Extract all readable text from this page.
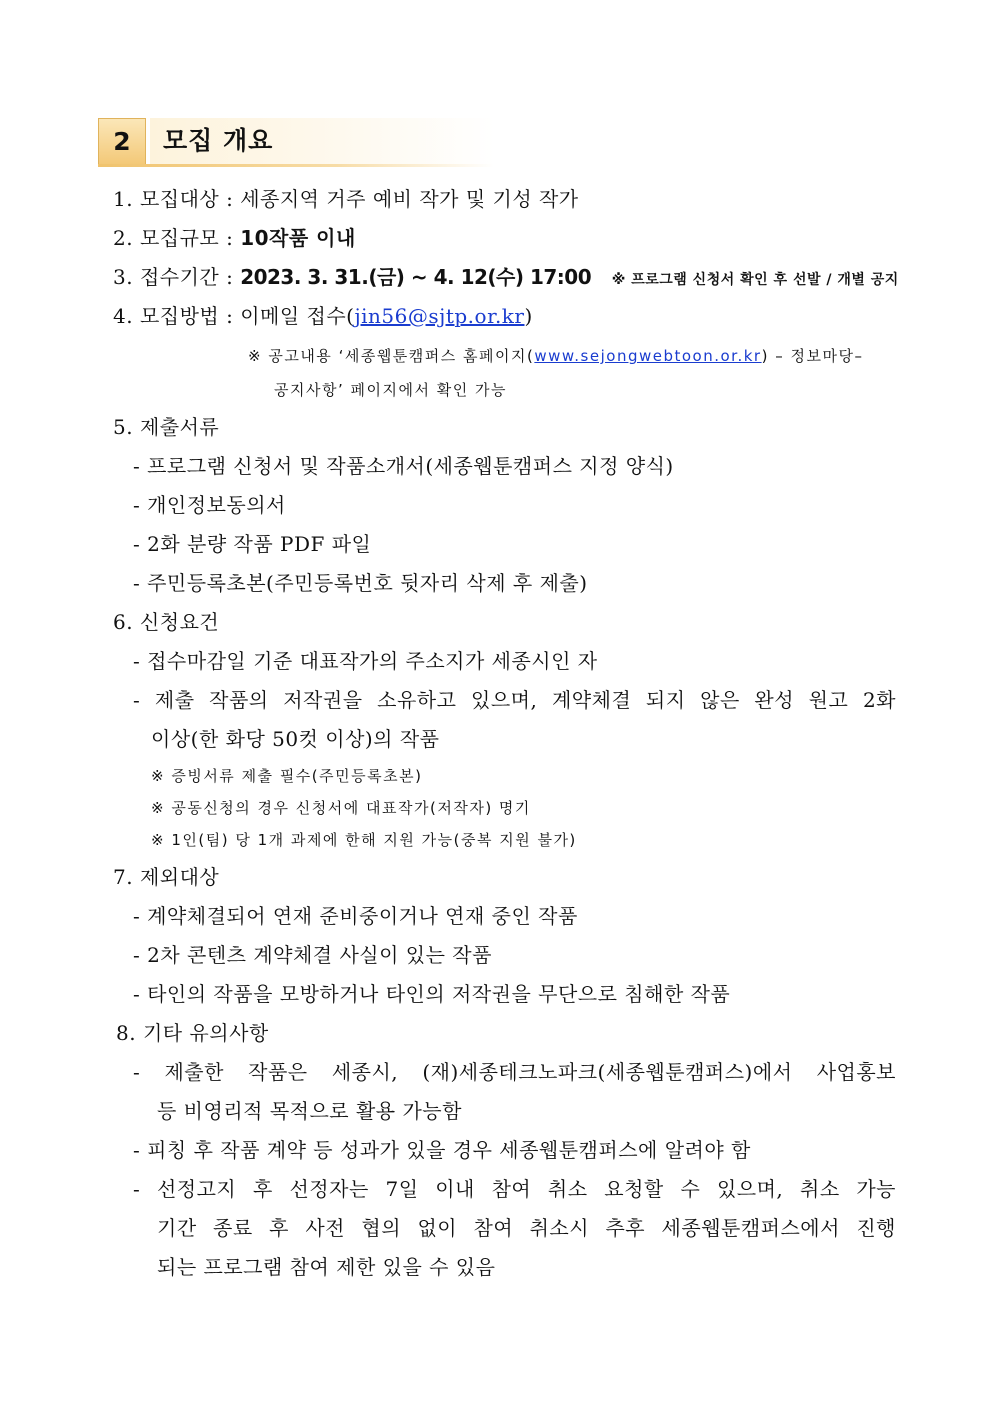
2	모집 개요
1. 모집대상 : 세종지역 거주 예비 작가 및 기성 작가
2. 모집규모 : 10작품 이내
3. 접수기간 : 2023. 3. 31.(금) ~ 4. 12(수) 17:00 ※ 프로그램 신청서 확인 후 선발 / 개별 공지
4. 모집방법 : 이메일 접수(jin56@sjtp.or.kr)
※ 공고내용 ‘세종웹툰캠퍼스 홈페이지(www.sejongwebtoon.or.kr) – 정보마당–
공지사항’ 페이지에서 확인 가능
5. 제출서류
- 프로그램 신청서 및 작품소개서(세종웹툰캠퍼스 지정 양식)
- 개인정보동의서
- 2화 분량 작품 PDF 파일
- 주민등록초본(주민등록번호 뒷자리 삭제 후 제출)
6. 신청요건
- 접수마감일 기준 대표작가의 주소지가 세종시인 자
- 제출 작품의 저작권을 소유하고 있으며, 계약체결 되지 않은 완성 원고 2화
이상(한 화당 50컷 이상)의 작품
※ 증빙서류 제출 필수(주민등록초본)
※ 공동신청의 경우 신청서에 대표작가(저작자) 명기
※ 1인(팀) 당 1개 과제에 한해 지원 가능(중복 지원 불가)
7. 제외대상
- 계약체결되어 연재 준비중이거나 연재 중인 작품
- 2차 콘텐츠 계약체결 사실이 있는 작품
- 타인의 작품을 모방하거나 타인의 저작권을 무단으로 침해한 작품
8. 기타 유의사항
- 제출한 작품은 세종시, (재)세종테크노파크(세종웹툰캠퍼스)에서 사업홍보
등 비영리적 목적으로 활용 가능함
- 피칭 후 작품 계약 등 성과가 있을 경우 세종웹툰캠퍼스에 알려야 함
- 선정고지 후 선정자는 7일 이내 참여 취소 요청할 수 있으며, 취소 가능
기간 종료 후 사전 협의 없이 참여 취소시 추후 세종웹툰캠퍼스에서 진행
되는 프로그램 참여 제한 있을 수 있음
